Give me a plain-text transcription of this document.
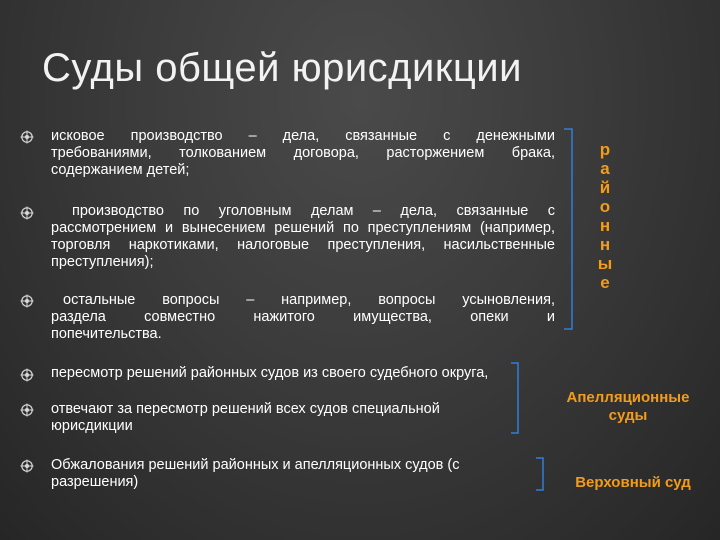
Суды общей юрисдикции
исковое производство – дела, связанные с денежными
требованиями, толкованием договора, расторжением брака, содержанием детей;
производство по уголовным делам – дела, связанные с
рассмотрением и вынесением решений по преступлениям (например, торговля наркотиками, налоговые преступления, насильственные преступления);
остальные вопросы – например, вопросы усыновления,
раздела совместно нажитого имущества, опеки и
попечительства.
пересмотр решений районных судов из своего судебного округа,
отвечают за пересмотр решений всех судов специальной юрисдикции
Обжалования решений районных и апелляционных судов (с разрешения)
р
а
й
о
н
н
ы
е
Апелляционные
суды
Верховный суд
